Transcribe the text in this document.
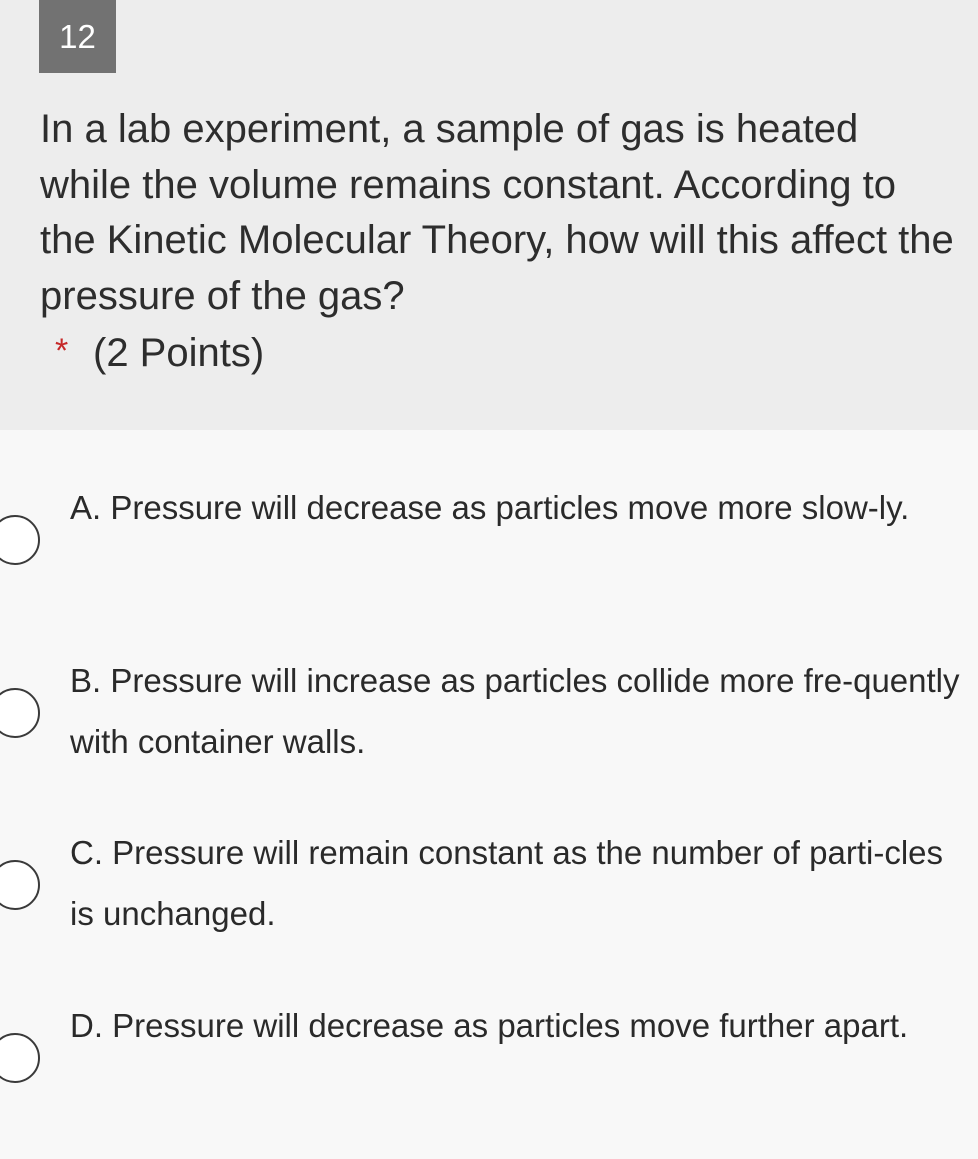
12

In a lab experiment, a sample of gas is heated while the volume remains constant. According to the Kinetic Molecular Theory, how will this affect the pressure of the gas?

* (2 Points)

A. Pressure will decrease as particles move more slow-ly.

B. Pressure will increase as particles collide more fre-quently with container walls.

C. Pressure will remain constant as the number of parti-cles is unchanged.

D. Pressure will decrease as particles move further apart.
